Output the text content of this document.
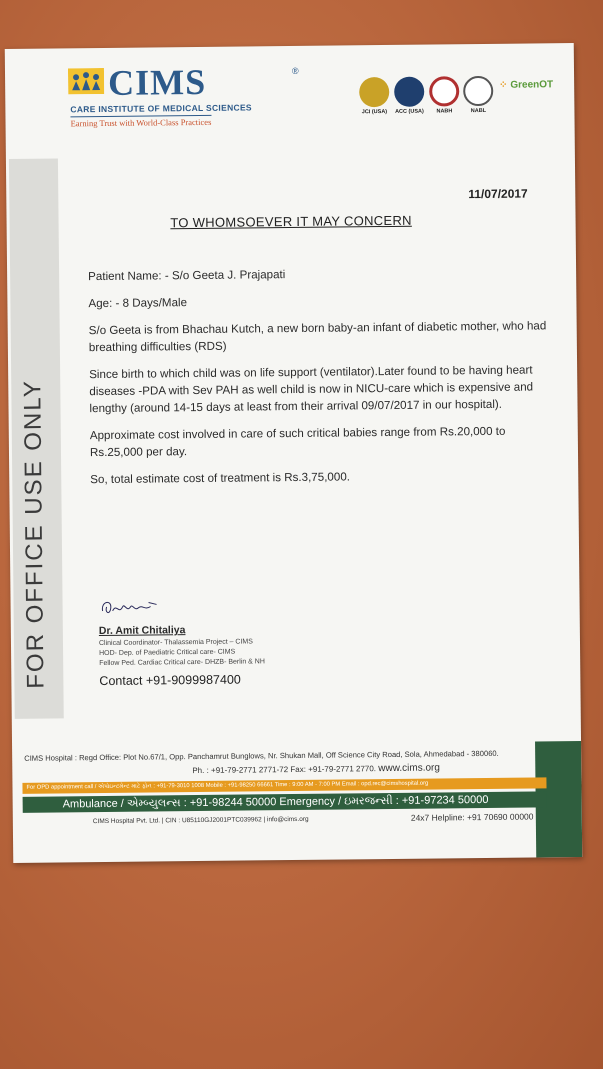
FOR OFFICE USE ONLY
CIMS	®
CARE INSTITUTE OF MEDICAL SCIENCES
Earning Trust with World-Class Practices
JCI (USA)	ACC (USA)	NABH	NABL
⁘ GreenOT
11/07/2017
TO WHOMSOEVER IT MAY CONCERN

Patient Name: - S/o Geeta J. Prajapati

Age: - 8 Days/Male

S/o Geeta is from Bhachau Kutch, a new born baby-an infant of diabetic mother, who had breathing difficulties (RDS)

Since birth to which child was on life support (ventilator).Later found to be having heart diseases -PDA with Sev PAH as well child is now in NICU-care which is expensive and lengthy (around 14-15 days at least from their arrival 09/07/2017 in our hospital).

Approximate cost involved in care of such critical babies range from Rs.20,000 to Rs.25,000 per day.

So, total estimate cost of treatment is Rs.3,75,000.

Dr. Amit Chitaliya
Clinical Coordinator- Thalassemia Project – CIMS
HOD- Dep. of Paediatric Critical care- CIMS
Fellow Ped. Cardiac Critical care- DHZB- Berlin & NH
Contact +91-9099987400
CIMS Hospital : Regd Office: Plot No.67/1, Opp. Panchamrut Bunglows, Nr. Shukan Mall, Off Science City Road, Sola, Ahmedabad - 380060.
Ph. : +91-79-2771 2771-72 Fax: +91-79-2771 2770. www.cims.org
For OPD appointment call / એપોઇન્ટમેન્ટ માટે ફોન : +91-79-3010 1008 Mobile : +91-98250 66661 Time : 9:00 AM - 7:00 PM Email : opd.rec@cimshospital.org
Ambulance / એમ્બ્યુલન્સ : +91-98244 50000 Emergency / ઇમરજન્સી : +91-97234 50000
CIMS Hospital Pvt. Ltd. | CIN : U85110GJ2001PTC039962 | info@cims.org	24x7 Helpline: +91 70690 00000
